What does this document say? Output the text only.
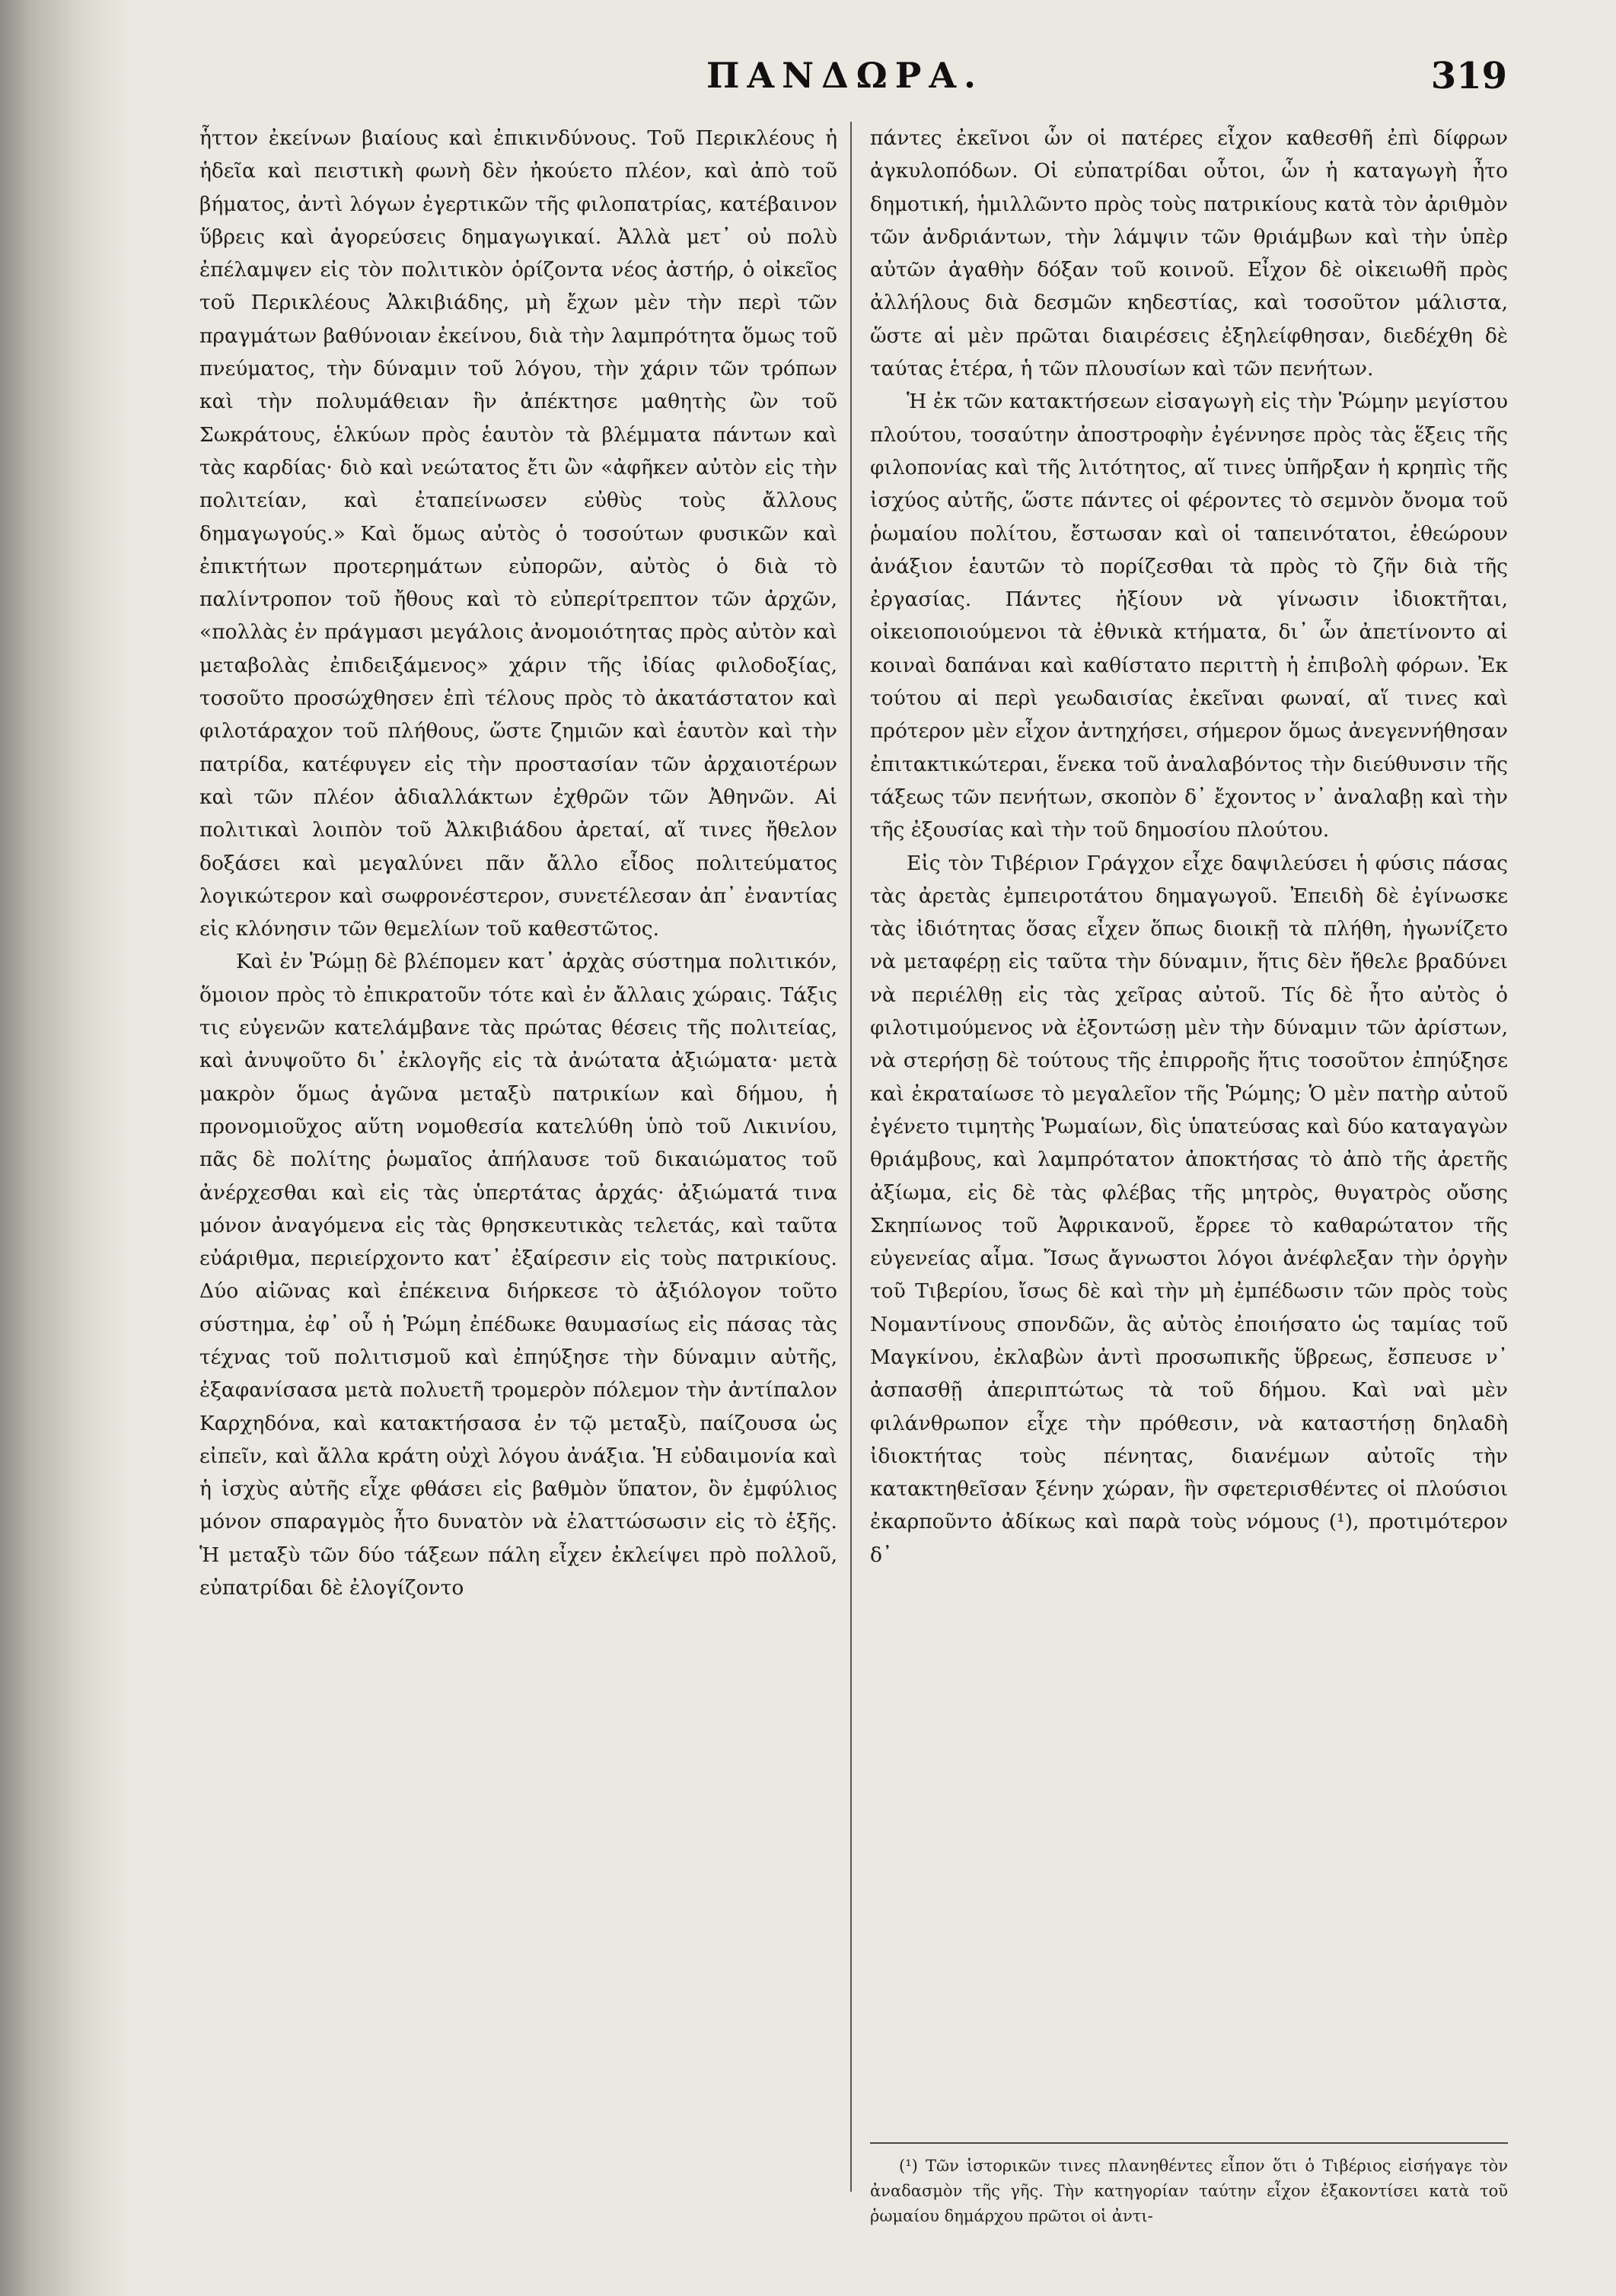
ΠΑΝΔΩΡΑ.	319

ἧττον ἐκείνων βιαίους καὶ ἐπικινδύνους. Τοῦ Περικλέους ἡ ἡδεῖα καὶ πειστικὴ φωνὴ δὲν ἠκούετο πλέον, καὶ ἀπὸ τοῦ βήματος, ἀντὶ λόγων ἐγερτικῶν τῆς φιλοπατρίας, κατέβαινον ὕβρεις καὶ ἀγορεύσεις δημαγωγικαί. Ἀλλὰ μετ᾽ οὐ πολὺ ἐπέλαμψεν εἰς τὸν πολιτικὸν ὁρίζοντα νέος ἀστήρ, ὁ οἰκεῖος τοῦ Περικλέους Ἀλκιβιάδης, μὴ ἔχων μὲν τὴν περὶ τῶν πραγμάτων βαθύνοιαν ἐκείνου, διὰ τὴν λαμπρότητα ὅμως τοῦ πνεύματος, τὴν δύναμιν τοῦ λόγου, τὴν χάριν τῶν τρόπων καὶ τὴν πολυμάθειαν ἣν ἀπέκτησε μαθητὴς ὢν τοῦ Σωκράτους, ἑλκύων πρὸς ἑαυτὸν τὰ βλέμματα πάντων καὶ τὰς καρδίας· διὸ καὶ νεώτατος ἔτι ὢν «ἀφῆκεν αὐτὸν εἰς τὴν πολιτείαν, καὶ ἐταπείνωσεν εὐθὺς τοὺς ἄλλους δημαγωγούς.» Καὶ ὅμως αὐτὸς ὁ τοσούτων φυσικῶν καὶ ἐπικτήτων προτερημάτων εὐπορῶν, αὐτὸς ὁ διὰ τὸ παλίντροπον τοῦ ἤθους καὶ τὸ εὐπερίτρεπτον τῶν ἀρχῶν, «πολλὰς ἐν πράγμασι μεγάλοις ἀνομοιότητας πρὸς αὐτὸν καὶ μεταβολὰς ἐπιδειξάμενος» χάριν τῆς ἰδίας φιλοδοξίας, τοσοῦτο προσώχθησεν ἐπὶ τέλους πρὸς τὸ ἀκατάστατον καὶ φιλοτάραχον τοῦ πλήθους, ὥστε ζημιῶν καὶ ἑαυτὸν καὶ τὴν πατρίδα, κατέφυγεν εἰς τὴν προστασίαν τῶν ἀρχαιοτέρων καὶ τῶν πλέον ἀδιαλλάκτων ἐχθρῶν τῶν Ἀθηνῶν. Αἱ πολιτικαὶ λοιπὸν τοῦ Ἀλκιβιάδου ἀρεταί, αἵ τινες ἤθελον δοξάσει καὶ μεγαλύνει πᾶν ἄλλο εἶδος πολιτεύματος λογικώτερον καὶ σωφρονέστερον, συνετέλεσαν ἀπ᾽ ἐναντίας εἰς κλόνησιν τῶν θεμελίων τοῦ καθεστῶτος.

Καὶ ἐν Ῥώμῃ δὲ βλέπομεν κατ᾽ ἀρχὰς σύστημα πολιτικόν, ὅμοιον πρὸς τὸ ἐπικρατοῦν τότε καὶ ἐν ἄλλαις χώραις. Τάξις τις εὐγενῶν κατελάμβανε τὰς πρώτας θέσεις τῆς πολιτείας, καὶ ἀνυψοῦτο δι᾽ ἐκλογῆς εἰς τὰ ἀνώτατα ἀξιώματα· μετὰ μακρὸν ὅμως ἀγῶνα μεταξὺ πατρικίων καὶ δήμου, ἡ προνομιοῦχος αὕτη νομοθεσία κατελύθη ὑπὸ τοῦ Λικινίου, πᾶς δὲ πολίτης ῥωμαῖος ἀπήλαυσε τοῦ δικαιώματος τοῦ ἀνέρχεσθαι καὶ εἰς τὰς ὑπερτάτας ἀρχάς· ἀξιώματά τινα μόνον ἀναγόμενα εἰς τὰς θρησκευτικὰς τελετάς, καὶ ταῦτα εὐάριθμα, περιείρχοντο κατ᾽ ἐξαίρεσιν εἰς τοὺς πατρικίους. Δύο αἰῶνας καὶ ἐπέκεινα διήρκεσε τὸ ἀξιόλογον τοῦτο σύστημα, ἐφ᾽ οὗ ἡ Ῥώμη ἐπέδωκε θαυμασίως εἰς πάσας τὰς τέχνας τοῦ πολιτισμοῦ καὶ ἐπηύξησε τὴν δύναμιν αὐτῆς, ἐξαφανίσασα μετὰ πολυετῆ τρομερὸν πόλεμον τὴν ἀντίπαλον Καρχηδόνα, καὶ κατακτήσασα ἐν τῷ μεταξὺ, παίζουσα ὡς εἰπεῖν, καὶ ἄλλα κράτη οὐχὶ λόγου ἀνάξια. Ἡ εὐδαιμονία καὶ ἡ ἰσχὺς αὐτῆς εἶχε φθάσει εἰς βαθμὸν ὕπατον, ὃν ἐμφύλιος μόνον σπαραγμὸς ἦτο δυνατὸν νὰ ἐλαττώσωσιν εἰς τὸ ἑξῆς. Ἡ μεταξὺ τῶν δύο τάξεων πάλη εἶχεν ἐκλείψει πρὸ πολλοῦ, εὐπατρίδαι δὲ ἐλογίζοντο

πάντες ἐκεῖνοι ὧν οἱ πατέρες εἶχον καθεσθῆ ἐπὶ δίφρων ἀγκυλοπόδων. Οἱ εὐπατρίδαι οὗτοι, ὧν ἡ καταγωγὴ ἦτο δημοτική, ἡμιλλῶντο πρὸς τοὺς πατρικίους κατὰ τὸν ἀριθμὸν τῶν ἀνδριάντων, τὴν λάμψιν τῶν θριάμβων καὶ τὴν ὑπὲρ αὐτῶν ἀγαθὴν δόξαν τοῦ κοινοῦ. Εἶχον δὲ οἰκειωθῆ πρὸς ἀλλήλους διὰ δεσμῶν κηδεστίας, καὶ τοσοῦτον μάλιστα, ὥστε αἱ μὲν πρῶται διαιρέσεις ἐξηλείφθησαν, διεδέχθη δὲ ταύτας ἑτέρα, ἡ τῶν πλουσίων καὶ τῶν πενήτων.

Ἡ ἐκ τῶν κατακτήσεων εἰσαγωγὴ εἰς τὴν Ῥώμην μεγίστου πλούτου, τοσαύτην ἀποστροφὴν ἐγέννησε πρὸς τὰς ἕξεις τῆς φιλοπονίας καὶ τῆς λιτότητος, αἵ τινες ὑπῆρξαν ἡ κρηπὶς τῆς ἰσχύος αὐτῆς, ὥστε πάντες οἱ φέροντες τὸ σεμνὸν ὄνομα τοῦ ῥωμαίου πολίτου, ἔστωσαν καὶ οἱ ταπεινότατοι, ἐθεώρουν ἀνάξιον ἑαυτῶν τὸ πορίζεσθαι τὰ πρὸς τὸ ζῆν διὰ τῆς ἐργασίας. Πάντες ἠξίουν νὰ γίνωσιν ἰδιοκτῆται, οἰκειοποιούμενοι τὰ ἐθνικὰ κτήματα, δι᾽ ὧν ἀπετίνοντο αἱ κοιναὶ δαπάναι καὶ καθίστατο περιττὴ ἡ ἐπιβολὴ φόρων. Ἐκ τούτου αἱ περὶ γεωδαισίας ἐκεῖναι φωναί, αἵ τινες καὶ πρότερον μὲν εἶχον ἀντηχήσει, σήμερον ὅμως ἀνεγεννήθησαν ἐπιτακτικώτεραι, ἕνεκα τοῦ ἀναλαβόντος τὴν διεύθυνσιν τῆς τάξεως τῶν πενήτων, σκοπὸν δ᾽ ἔχοντος ν᾽ ἀναλαβῃ καὶ τὴν τῆς ἐξουσίας καὶ τὴν τοῦ δημοσίου πλούτου.

Εἰς τὸν Τιβέριον Γράγχον εἶχε δαψιλεύσει ἡ φύσις πάσας τὰς ἀρετὰς ἐμπειροτάτου δημαγωγοῦ. Ἐπειδὴ δὲ ἐγίνωσκε τὰς ἰδιότητας ὅσας εἶχεν ὅπως διοικῇ τὰ πλήθη, ἠγωνίζετο νὰ μεταφέρῃ εἰς ταῦτα τὴν δύναμιν, ἥτις δὲν ἤθελε βραδύνει νὰ περιέλθῃ εἰς τὰς χεῖρας αὐτοῦ. Τίς δὲ ἦτο αὐτὸς ὁ φιλοτιμούμενος νὰ ἐξοντώσῃ μὲν τὴν δύναμιν τῶν ἀρίστων, νὰ στερήσῃ δὲ τούτους τῆς ἐπιρροῆς ἥτις τοσοῦτον ἐπηύξησε καὶ ἐκραταίωσε τὸ μεγαλεῖον τῆς Ῥώμης; Ὁ μὲν πατὴρ αὐτοῦ ἐγένετο τιμητὴς Ῥωμαίων, δὶς ὑπατεύσας καὶ δύο καταγαγὼν θριάμβους, καὶ λαμπρότατον ἀποκτήσας τὸ ἀπὸ τῆς ἀρετῆς ἀξίωμα, εἰς δὲ τὰς φλέβας τῆς μητρὸς, θυγατρὸς οὔσης Σκηπίωνος τοῦ Ἀφρικανοῦ, ἔρρεε τὸ καθαρώτατον τῆς εὐγενείας αἷμα. Ἴσως ἄγνωστοι λόγοι ἀνέφλεξαν τὴν ὀργὴν τοῦ Τιβερίου, ἴσως δὲ καὶ τὴν μὴ ἐμπέδωσιν τῶν πρὸς τοὺς Νομαντίνους σπονδῶν, ἃς αὐτὸς ἐποιήσατο ὡς ταμίας τοῦ Μαγκίνου, ἐκλαβὼν ἀντὶ προσωπικῆς ὕβρεως, ἔσπευσε ν᾽ ἀσπασθῇ ἀπεριπτώτως τὰ τοῦ δήμου. Καὶ ναὶ μὲν φιλάνθρωπον εἶχε τὴν πρόθεσιν, νὰ καταστήσῃ δηλαδὴ ἰδιοκτήτας τοὺς πένητας, διανέμων αὐτοῖς τὴν κατακτηθεῖσαν ξένην χώραν, ἣν σφετερισθέντες οἱ πλούσιοι ἐκαρποῦντο ἀδίκως καὶ παρὰ τοὺς νόμους (¹), προτιμότερον δ᾽

(¹) Τῶν ἱστορικῶν τινες πλανηθέντες εἶπον ὅτι ὁ Τιβέριος εἰσήγαγε τὸν ἀναδασμὸν τῆς γῆς. Τὴν κατηγορίαν ταύτην εἶχον ἐξακοντίσει κατὰ τοῦ ῥωμαίου δημάρχου πρῶτοι οἱ ἀντι-
